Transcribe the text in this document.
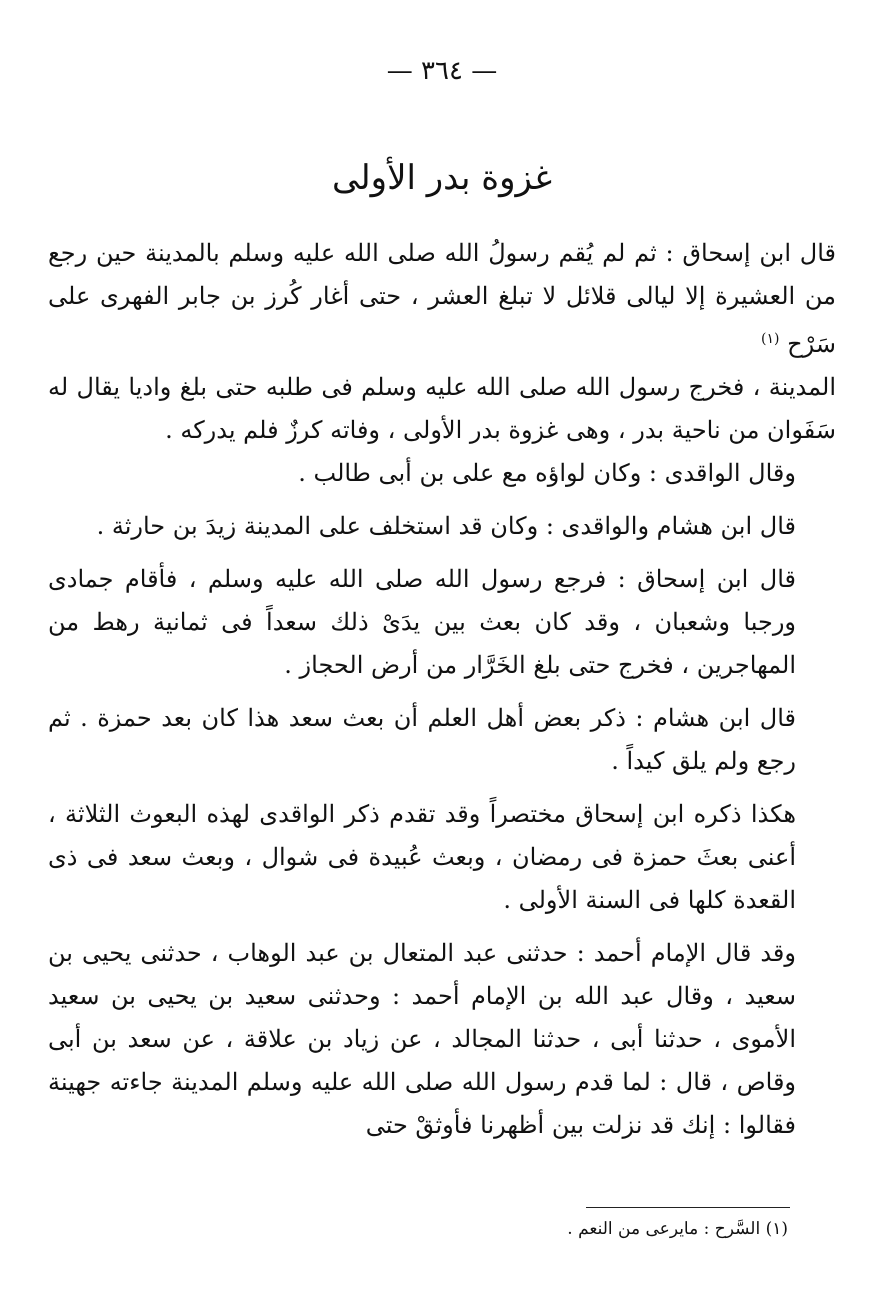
— ٣٦٤ —
غزوة بدر الأولى

قال ابن إسحاق : ثم لم يُقم رسولُ الله صلى الله عليه وسلم بالمدينة حين رجع من العشيرة إلا ليالى قلائل لا تبلغ العشر ، حتى أغار كُرز بن جابر الفهرى على سَرْح $^{(١)}$

المدينة ، فخرج رسول الله صلى الله عليه وسلم فى طلبه حتى بلغ واديا يقال له سَفَوان من ناحية بدر ، وهى غزوة بدر الأولى ، وفاته كرزٌ فلم يدركه .

وقال الواقدى : وكان لواؤه مع على بن أبى طالب .

قال ابن هشام والواقدى : وكان قد استخلف على المدينة زيدَ بن حارثة .

قال ابن إسحاق : فرجع رسول الله صلى الله عليه وسلم ، فأقام جمادى ورجبا وشعبان ، وقد كان بعث بين يدَىْ ذلك سعداً فى ثمانية رهط من المهاجرين ، فخرج حتى بلغ الخَرَّار من أرض الحجاز .

قال ابن هشام : ذكر بعض أهل العلم أن بعث سعد هذا كان بعد حمزة . ثم رجع ولم يلق كيداً .

هكذا ذكره ابن إسحاق مختصراً وقد تقدم ذكر الواقدى لهذه البعوث الثلاثة ، أعنى بعثَ حمزة فى رمضان ، وبعث عُبيدة فى شوال ، وبعث سعد فى ذى القعدة كلها فى السنة الأولى .

وقد قال الإمام أحمد : حدثنى عبد المتعال بن عبد الوهاب ، حدثنى يحيى بن سعيد ، وقال عبد الله بن الإمام أحمد : وحدثنى سعيد بن يحيى بن سعيد الأموى ، حدثنا أبى ، حدثنا المجالد ، عن زياد بن علاقة ، عن سعد بن أبى وقاص ، قال : لما قدم رسول الله صلى الله عليه وسلم المدينة جاءته جهينة فقالوا : إنك قد نزلت بين أظهرنا فأوثقْ حتى

(١) السَّرح : مايرعى من النعم .
